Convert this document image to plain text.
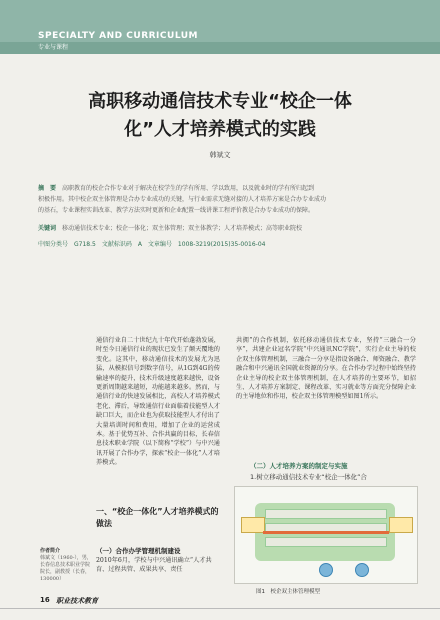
SPECIALTY AND CURRICULUM
专业与课程
高职移动通信技术专业“校企一体
化”人才培养模式的实践
韩斌文
摘　要 高职教育的校企合作专业对于解决在校学生的学有所用、学以致用，以及就业时的学有所归起到
积极作用。其中校企双主体管理是合办专业成功的关键，与行业需求无缝对接的人才培养方案是合办专业成功
的基石，专业课程实训改革、教学方法实时更新和企业配置一线讲课工程评价教是合办专业成功的保障。
关键词 移动通信技术专业；校企一体化；双主体管理；双主体教学；人才培养模式；高等职业院校
中图分类号　G718.5　文献标识码　A　文章编号　1008-3219(2015)35-0016-04
通信行业自二十世纪九十年代开始蓬勃发展，时至今日通信行业的现状已发生了颠天覆地的变化。这其中，移动通信技术的发展尤为迅猛，从模拟信号到数字信号，从1G到4G的传输速率的提升，技术升级速度越来越快，设备更新周期越来越短，功能越来越多。然而，与通信行业的快速发展相比，高校人才培养模式老化、滞后，导致通信行业面临着技能型人才缺口巨大，而企业也为获取技能型人才付出了大量培训时间和费用，增加了企业的运营成本。基于优势互补、合作共赢的目标，长春信息技术职业学院（以下简称“学校”）与中兴通讯开展了合作办学，探索“校企一体化”人才培养模式。
共拥”的合作机制，依托移动通信技术专业，坚持“三融合一分享”，共建企业冠名学院“中兴通讯NC学院”，实行企业主导的校企双主体管理机制，三融合一分享是指设备融合、师资融合、教学融合和中兴通讯全国就业资源的分享。在合作办学过程中始终坚持企业主导的校企双主体管理机制，在人才培养的主要环节，如招生、人才培养方案制定、课程改革、实习就业等方面充分保障企业的主导地位和作用，校企双主体管理模型如图1所示。
一、“校企一体化”人才培养模式的做法
（一）合作办学管理机制建设
2010年6月，学校与中兴通讯确立“人才共育、过程共管、成果共享、责任
（二）人才培养方案的制定与实施
1.树立移动通信技术专业“校企一体化”合
作者简介
韩斌文（1960-），男，长春信息技术职业学院院长，副教授（长春，130000）
图1　校企双主体管理模型
16 职业技术教育
